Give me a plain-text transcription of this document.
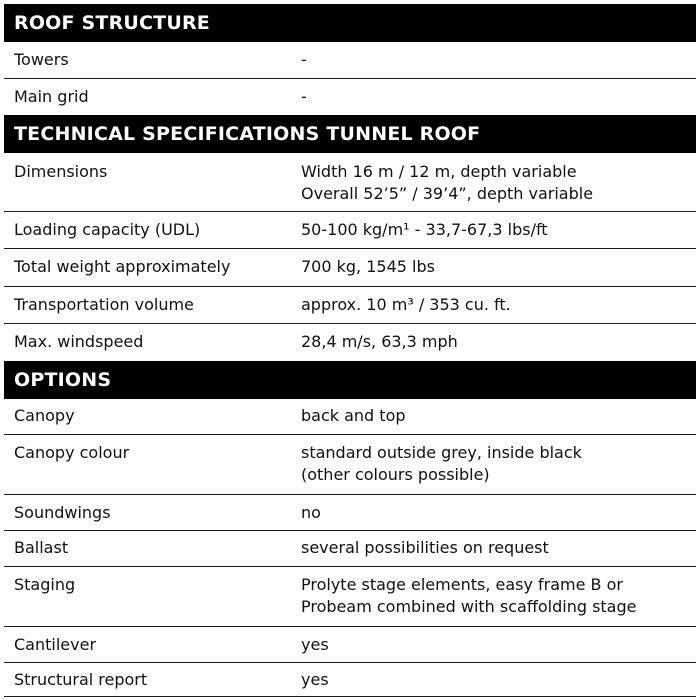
ROOF STRUCTURE
Towers	-
Main grid	-
TECHNICAL SPECIFICATIONS TUNNEL ROOF
Dimensions	Width 16 m / 12 m, depth variable
Overall 52’5” / 39’4”, depth variable
Loading capacity (UDL)	50-100 kg/m¹ - 33,7-67,3 lbs/ft
Total weight approximately	700 kg, 1545 lbs
Transportation volume	approx. 10 m³ / 353 cu. ft.
Max. windspeed	28,4 m/s, 63,3 mph
OPTIONS
Canopy	back and top
Canopy colour	standard outside grey, inside black
(other colours possible)
Soundwings	no
Ballast	several possibilities on request
Staging	Prolyte stage elements, easy frame B or
Probeam combined with scaffolding stage
Cantilever	yes
Structural report	yes
